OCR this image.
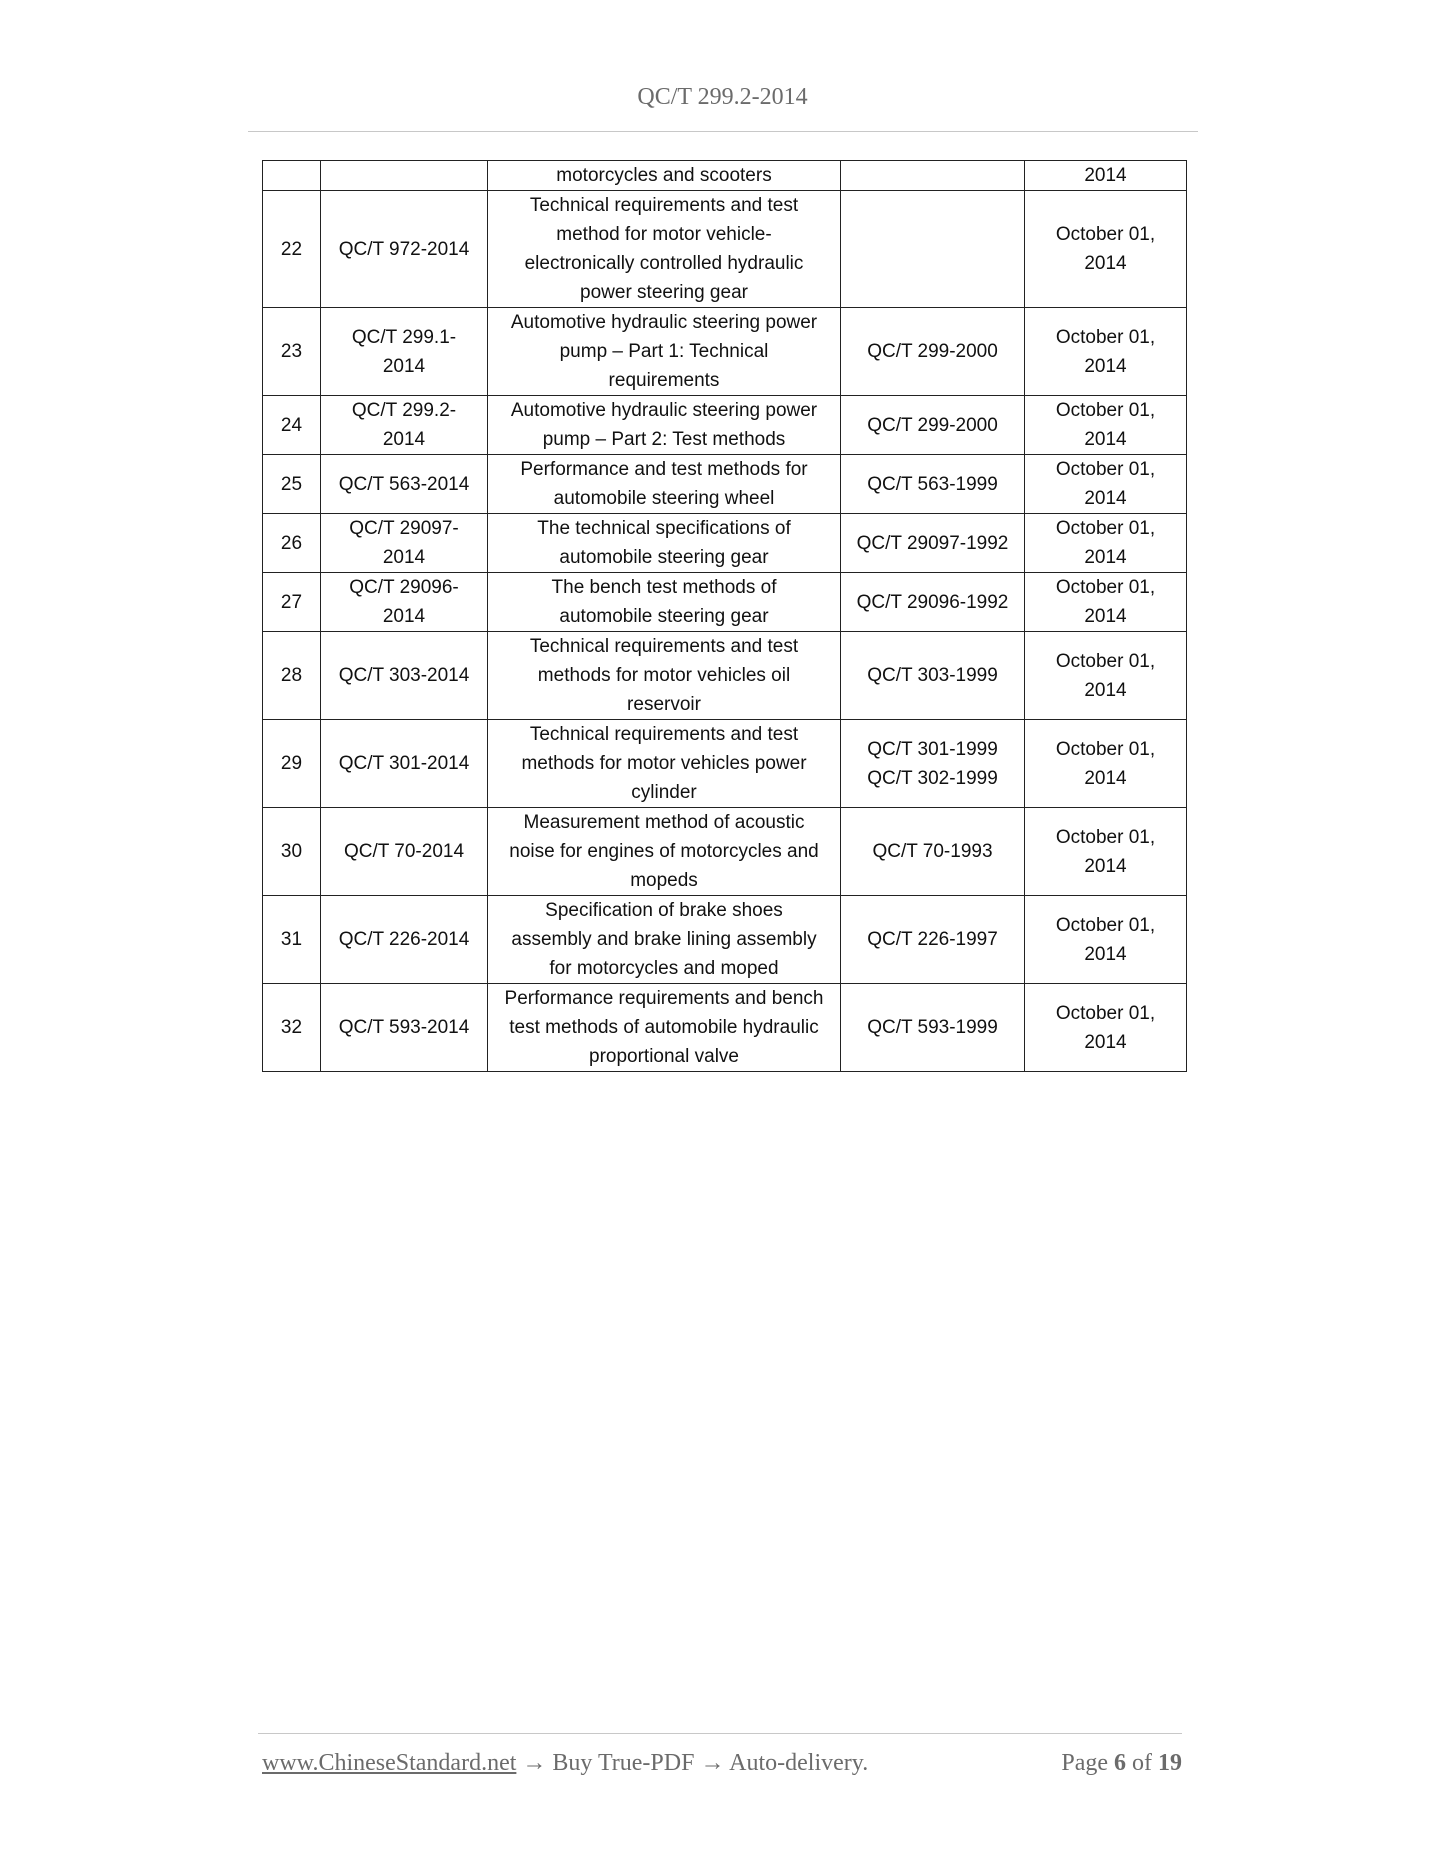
QC/T 299.2-2014
		motorcycles and scooters		2014
22	QC/T 972-2014	Technical requirements and test
method for motor vehicle-
electronically controlled hydraulic
power steering gear		October 01,
2014
23	QC/T 299.1-
2014	Automotive hydraulic steering power
pump – Part 1: Technical
requirements	QC/T 299-2000	October 01,
2014
24	QC/T 299.2-
2014	Automotive hydraulic steering power
pump – Part 2: Test methods	QC/T 299-2000	October 01,
2014
25	QC/T 563-2014	Performance and test methods for
automobile steering wheel	QC/T 563-1999	October 01,
2014
26	QC/T 29097-
2014	The technical specifications of
automobile steering gear	QC/T 29097-1992	October 01,
2014
27	QC/T 29096-
2014	The bench test methods of
automobile steering gear	QC/T 29096-1992	October 01,
2014
28	QC/T 303-2014	Technical requirements and test
methods for motor vehicles oil
reservoir	QC/T 303-1999	October 01,
2014
29	QC/T 301-2014	Technical requirements and test
methods for motor vehicles power
cylinder	QC/T 301-1999
QC/T 302-1999	October 01,
2014
30	QC/T 70-2014	Measurement method of acoustic
noise for engines of motorcycles and
mopeds	QC/T 70-1993	October 01,
2014
31	QC/T 226-2014	Specification of brake shoes
assembly and brake lining assembly
for motorcycles and moped	QC/T 226-1997	October 01,
2014
32	QC/T 593-2014	Performance requirements and bench
test methods of automobile hydraulic
proportional valve	QC/T 593-1999	October 01,
2014
www.ChineseStandard.net → Buy True-PDF → Auto-delivery.	Page 6 of 19
